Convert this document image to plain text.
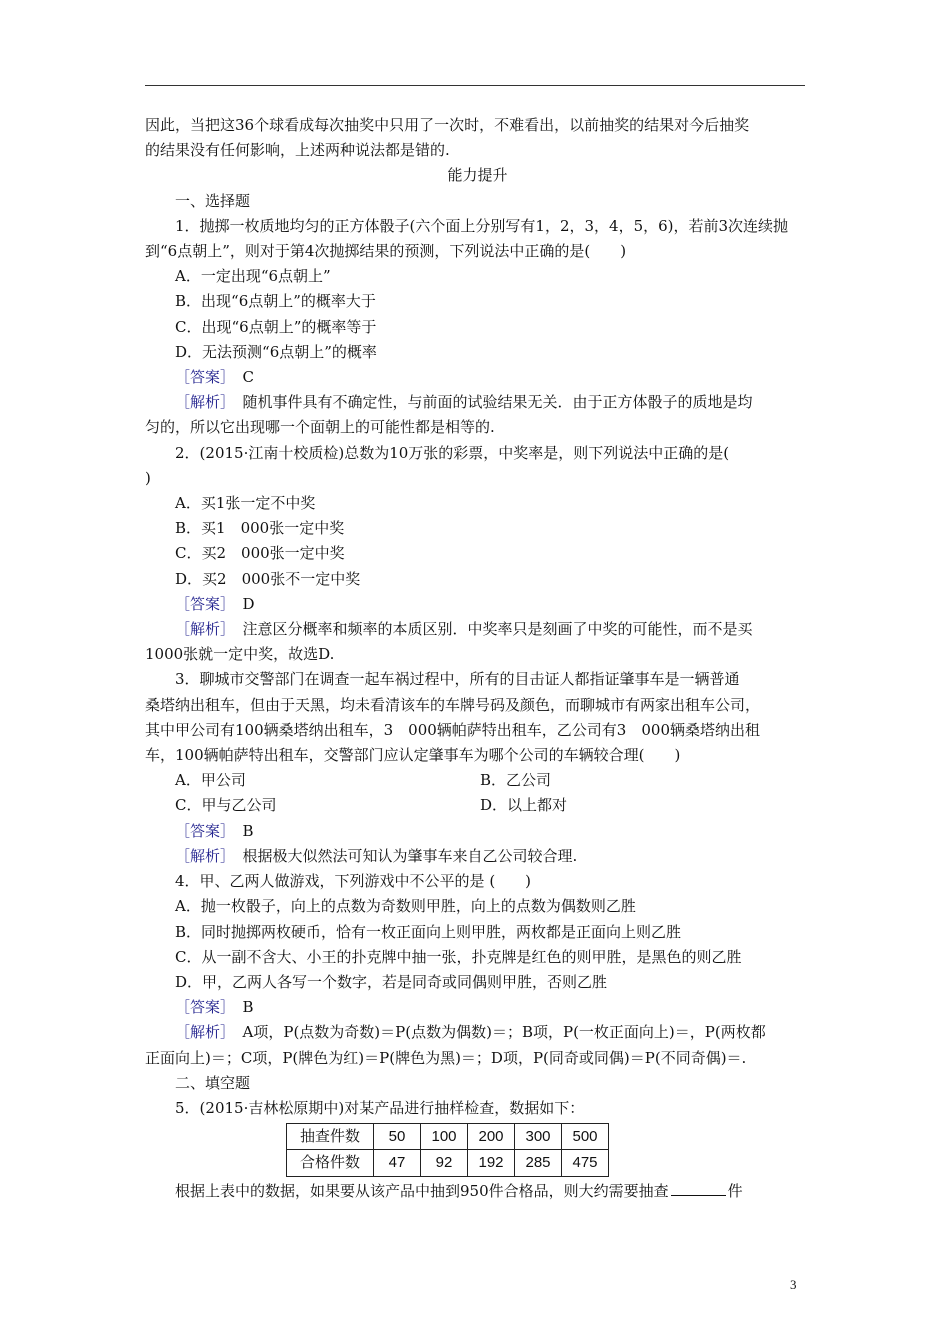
因此，当把这36个球看成每次抽奖中只用了一次时，不难看出，以前抽奖的结果对今后抽奖

的结果没有任何影响，上述两种说法都是错的.

能力提升

一、选择题

1．抛掷一枚质地均匀的正方体骰子(六个面上分别写有1，2，3，4，5，6)，若前3次连续抛

到“6点朝上”，则对于第4次抛掷结果的预测，下列说法中正确的是(　　)

A．一定出现“6点朝上”

B．出现“6点朝上”的概率大于

C．出现“6点朝上”的概率等于

D．无法预测“6点朝上”的概率

［答案］　 C

［解析］　 随机事件具有不确定性，与前面的试验结果无关．由于正方体骰子的质地是均

匀的，所以它出现哪一个面朝上的可能性都是相等的.

2．(2015·江南十校质检)总数为10万张的彩票，中奖率是，则下列说法中正确的是(

)

A．买1张一定不中奖

B．买1　000张一定中奖

C．买2　000张一定中奖

D．买2　000张不一定中奖

［答案］　 D

［解析］　 注意区分概率和频率的本质区别．中奖率只是刻画了中奖的可能性，而不是买

1000张就一定中奖，故选D.

3．聊城市交警部门在调查一起车祸过程中，所有的目击证人都指证肇事车是一辆普通

桑塔纳出租车，但由于天黑，均未看清该车的车牌号码及颜色，而聊城市有两家出租车公司，

其中甲公司有100辆桑塔纳出租车，3　000辆帕萨特出租车，乙公司有3　000辆桑塔纳出租

车，100辆帕萨特出租车，交警部门应认定肇事车为哪个公司的车辆较合理(　　)

A．甲公司	B．乙公司
C．甲与乙公司	D．以上都对

［答案］　 B

［解析］　 根据极大似然法可知认为肇事车来自乙公司较合理.

4．甲、乙两人做游戏，下列游戏中不公平的是 (　　)

A．抛一枚骰子，向上的点数为奇数则甲胜，向上的点数为偶数则乙胜

B．同时抛掷两枚硬币，恰有一枚正面向上则甲胜，两枚都是正面向上则乙胜

C．从一副不含大、小王的扑克牌中抽一张，扑克牌是红色的则甲胜，是黑色的则乙胜

D．甲，乙两人各写一个数字，若是同奇或同偶则甲胜，否则乙胜

［答案］　 B

［解析］　 A项，P(点数为奇数)＝P(点数为偶数)＝；B项，P(一枚正面向上)＝，P(两枚都

正面向上)＝；C项，P(牌色为红)＝P(牌色为黑)＝；D项，P(同奇或同偶)＝P(不同奇偶)＝.

二、填空题

5．(2015·吉林松原期中)对某产品进行抽样检查，数据如下：

抽查件数	50	100	200	300	500
合格件数	47	92	192	285	475

根据上表中的数据，如果要从该产品中抽到950件合格品，则大约需要抽查	件

3
